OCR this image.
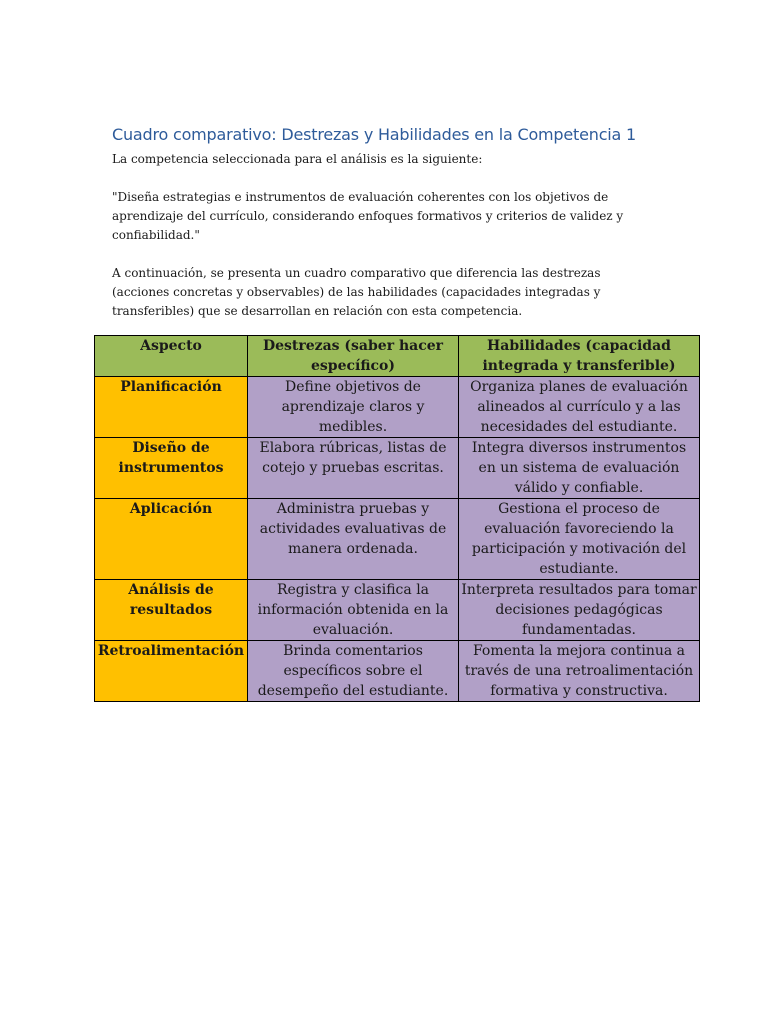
Cuadro comparativo: Destrezas y Habilidades en la Competencia 1

La competencia seleccionada para el análisis es la siguiente:

"Diseña estrategias e instrumentos de evaluación coherentes con los objetivos de aprendizaje del currículo, considerando enfoques formativos y criterios de validez y confiabilidad."

A continuación, se presenta un cuadro comparativo que diferencia las destrezas (acciones concretas y observables) de las habilidades (capacidades integradas y transferibles) que se desarrollan en relación con esta competencia.

Aspecto	Destrezas (saber hacer específico)	Habilidades (capacidad integrada y transferible)
Planificación	Define objetivos de aprendizaje claros y medibles.	Organiza planes de evaluación alineados al currículo y a las necesidades del estudiante.
Diseño de instrumentos	Elabora rúbricas, listas de cotejo y pruebas escritas.	Integra diversos instrumentos en un sistema de evaluación válido y confiable.
Aplicación	Administra pruebas y actividades evaluativas de manera ordenada.	Gestiona el proceso de evaluación favoreciendo la participación y motivación del estudiante.
Análisis de resultados	Registra y clasifica la información obtenida en la evaluación.	Interpreta resultados para tomar decisiones pedagógicas fundamentadas.
Retroalimentación	Brinda comentarios específicos sobre el desempeño del estudiante.	Fomenta la mejora continua a través de una retroalimentación formativa y constructiva.
